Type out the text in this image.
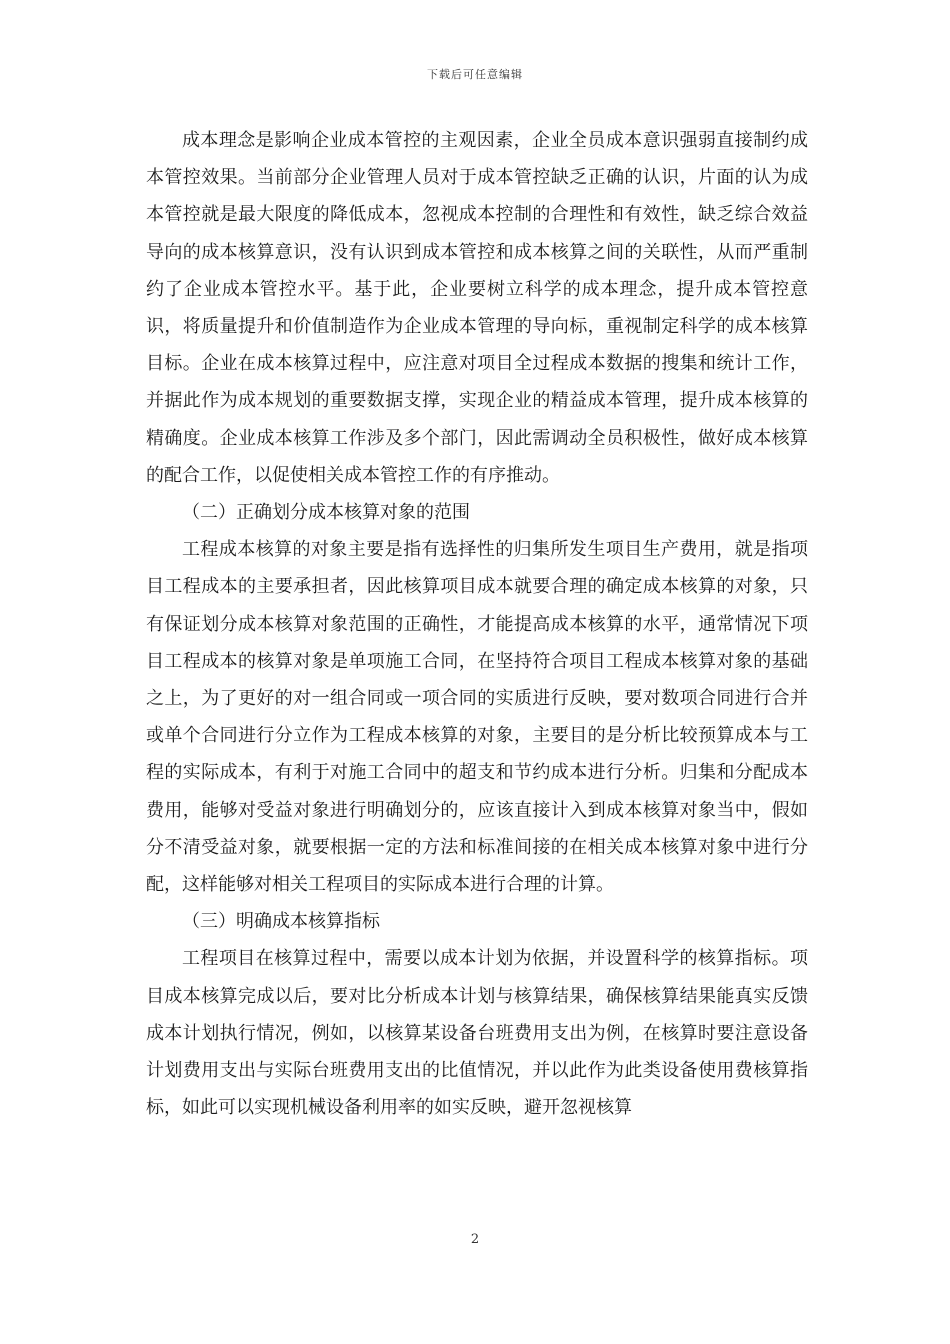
下载后可任意编辑

成本理念是影响企业成本管控的主观因素，企业全员成本意识强弱直接制约成本管控效果。当前部分企业管理人员对于成本管控缺乏正确的认识，片面的认为成本管控就是最大限度的降低成本，忽视成本控制的合理性和有效性，缺乏综合效益导向的成本核算意识，没有认识到成本管控和成本核算之间的关联性，从而严重制约了企业成本管控水平。基于此，企业要树立科学的成本理念，提升成本管控意识，将质量提升和价值制造作为企业成本管理的导向标，重视制定科学的成本核算目标。企业在成本核算过程中，应注意对项目全过程成本数据的搜集和统计工作，并据此作为成本规划的重要数据支撑，实现企业的精益成本管理，提升成本核算的精确度。企业成本核算工作涉及多个部门，因此需调动全员积极性，做好成本核算的配合工作，以促使相关成本管控工作的有序推动。

（二）正确划分成本核算对象的范围

工程成本核算的对象主要是指有选择性的归集所发生项目生产费用，就是指项目工程成本的主要承担者，因此核算项目成本就要合理的确定成本核算的对象，只有保证划分成本核算对象范围的正确性，才能提高成本核算的水平，通常情况下项目工程成本的核算对象是单项施工合同，在坚持符合项目工程成本核算对象的基础之上，为了更好的对一组合同或一项合同的实质进行反映，要对数项合同进行合并或单个合同进行分立作为工程成本核算的对象，主要目的是分析比较预算成本与工程的实际成本，有利于对施工合同中的超支和节约成本进行分析。归集和分配成本费用，能够对受益对象进行明确划分的，应该直接计入到成本核算对象当中，假如分不清受益对象，就要根据一定的方法和标准间接的在相关成本核算对象中进行分配，这样能够对相关工程项目的实际成本进行合理的计算。

（三）明确成本核算指标

工程项目在核算过程中，需要以成本计划为依据，并设置科学的核算指标。项目成本核算完成以后，要对比分析成本计划与核算结果，确保核算结果能真实反馈成本计划执行情况，例如，以核算某设备台班费用支出为例，在核算时要注意设备计划费用支出与实际台班费用支出的比值情况，并以此作为此类设备使用费核算指标，如此可以实现机械设备利用率的如实反映，避开忽视核算

2
